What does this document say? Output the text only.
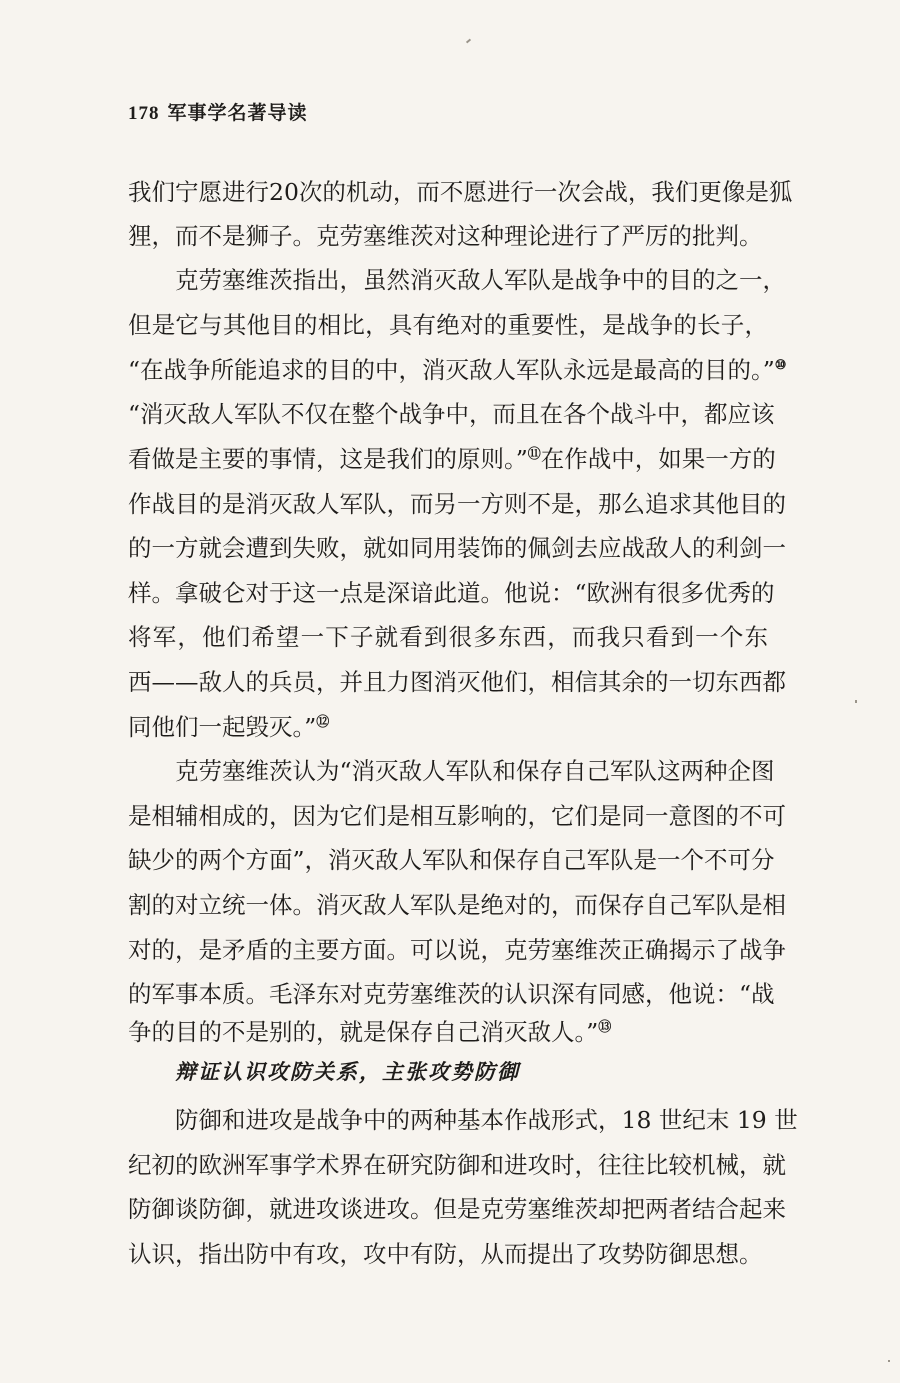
178 军事学名著导读
我们宁愿进行20次的机动，而不愿进行一次会战，我们更像是狐
狸，而不是狮子。克劳塞维茨对这种理论进行了严厉的批判。
克劳塞维茨指出，虽然消灭敌人军队是战争中的目的之一，
但是它与其他目的相比，具有绝对的重要性，是战争的长子，
“在战争所能追求的目的中，消灭敌人军队永远是最高的目的。”⑩
“消灭敌人军队不仅在整个战争中，而且在各个战斗中，都应该
看做是主要的事情，这是我们的原则。”⑪在作战中，如果一方的
作战目的是消灭敌人军队，而另一方则不是，那么追求其他目的
的一方就会遭到失败，就如同用装饰的佩剑去应战敌人的利剑一
样。拿破仑对于这一点是深谙此道。他说：“欧洲有很多优秀的
将军，他们希望一下子就看到很多东西，而我只看到一个东
西——敌人的兵员，并且力图消灭他们，相信其余的一切东西都
同他们一起毁灭。”⑫
克劳塞维茨认为“消灭敌人军队和保存自己军队这两种企图
是相辅相成的，因为它们是相互影响的，它们是同一意图的不可
缺少的两个方面”，消灭敌人军队和保存自己军队是一个不可分
割的对立统一体。消灭敌人军队是绝对的，而保存自己军队是相
对的，是矛盾的主要方面。可以说，克劳塞维茨正确揭示了战争
的军事本质。毛泽东对克劳塞维茨的认识深有同感，他说：“战
争的目的不是别的，就是保存自己消灭敌人。”⑬
辩证认识攻防关系，主张攻势防御
防御和进攻是战争中的两种基本作战形式，18 世纪末 19 世
纪初的欧洲军事学术界在研究防御和进攻时，往往比较机械，就
防御谈防御，就进攻谈进攻。但是克劳塞维茨却把两者结合起来
认识，指出防中有攻，攻中有防，从而提出了攻势防御思想。
